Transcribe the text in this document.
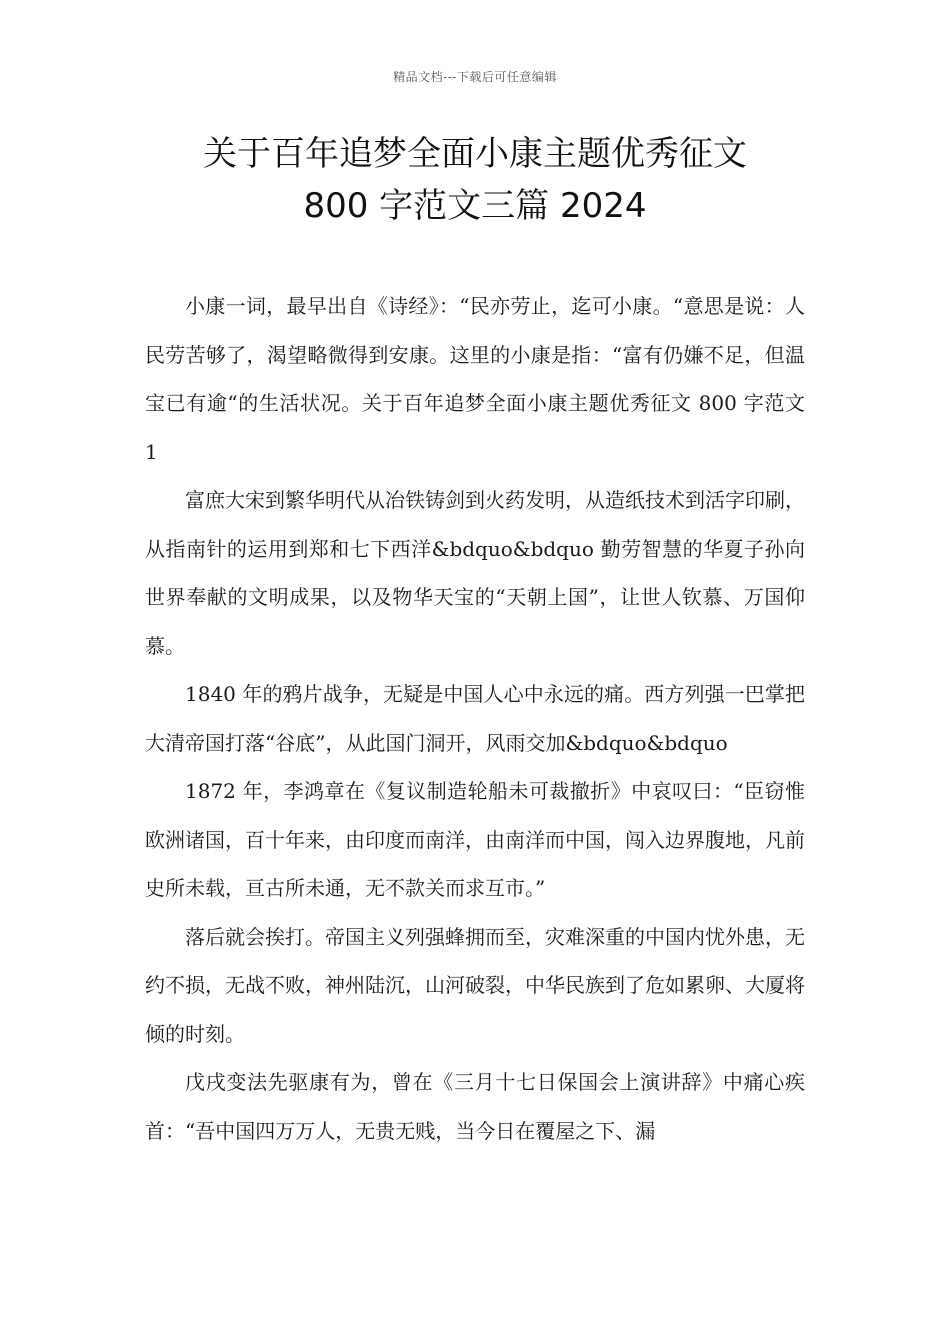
精品文档---下载后可任意编辑
关于百年追梦全面小康主题优秀征文
800 字范文三篇 2024

小康一词，最早出自《诗经》：“民亦劳止，迄可小康。“意思是说：人民劳苦够了，渴望略微得到安康。这里的小康是指：“富有仍嫌不足，但温宝已有逾“的生活状况。关于百年追梦全面小康主题优秀征文 800 字范文 1

富庶大宋到繁华明代从冶铁铸剑到火药发明，从造纸技术到活字印刷，从指南针的运用到郑和七下西洋&bdquo&bdquo 勤劳智慧的华夏子孙向世界奉献的文明成果，以及物华天宝的“天朝上国”，让世人钦慕、万国仰慕。

1840 年的鸦片战争，无疑是中国人心中永远的痛。西方列强一巴掌把大清帝国打落“谷底”，从此国门洞开，风雨交加&bdquo&bdquo

1872 年，李鸿章在《复议制造轮船未可裁撤折》中哀叹曰：“臣窃惟欧洲诸国，百十年来，由印度而南洋，由南洋而中国，闯入边界腹地，凡前史所未载，亘古所未通，无不款关而求互市。”

落后就会挨打。帝国主义列强蜂拥而至，灾难深重的中国内忧外患，无约不损，无战不败，神州陆沉，山河破裂，中华民族到了危如累卵、大厦将倾的时刻。

戊戌变法先驱康有为，曾在《三月十七日保国会上演讲辞》中痛心疾首：“吾中国四万万人，无贵无贱，当今日在覆屋之下、漏
